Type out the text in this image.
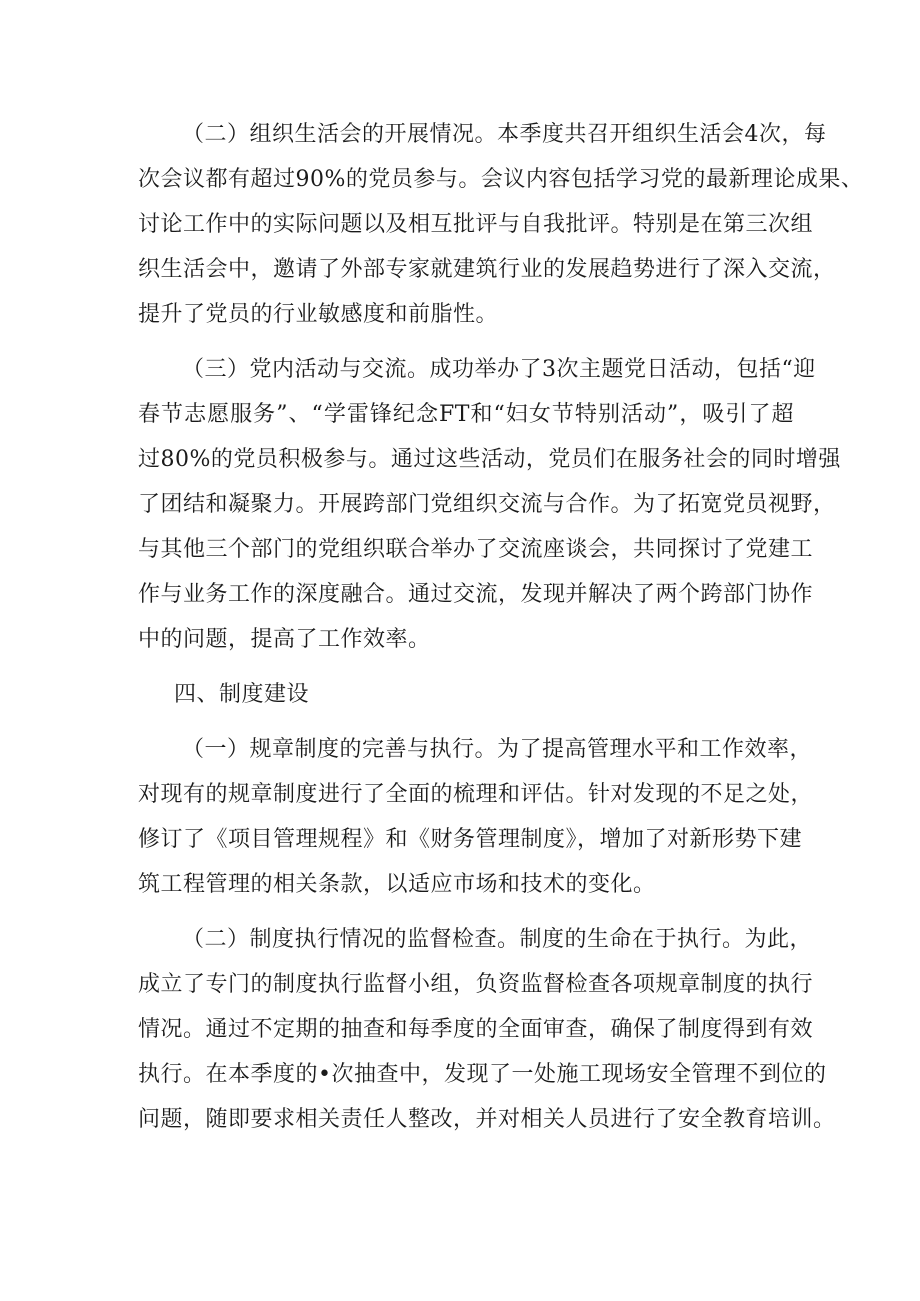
（二）组织生活会的开展情况。本季度共召开组织生活会4次，每
次会议都有超过90%的党员参与。会议内容包括学习党的最新理论成果、
讨论工作中的实际问题以及相互批评与自我批评。特别是在第三次组
织生活会中，邀请了外部专家就建筑行业的发展趋势进行了深入交流，
提升了党员的行业敏感度和前脂性。

（三）党内活动与交流。成功举办了3次主题党日活动，包括“迎
春节志愿服务”、“学雷锋纪念FT和“妇女节特别活动”，吸引了超
过80%的党员积极参与。通过这些活动，党员们在服务社会的同时增强
了团结和凝聚力。开展跨部门党组织交流与合作。为了拓宽党员视野，
与其他三个部门的党组织联合举办了交流座谈会，共同探讨了党建工
作与业务工作的深度融合。通过交流，发现并解决了两个跨部门协作
中的问题，提高了工作效率。

四、制度建设

（一）规章制度的完善与执行。为了提高管理水平和工作效率，
对现有的规章制度进行了全面的梳理和评估。针对发现的不足之处，
修订了《项目管理规程》和《财务管理制度》，增加了对新形势下建
筑工程管理的相关条款，以适应市场和技术的变化。

（二）制度执行情况的监督检查。制度的生命在于执行。为此，
成立了专门的制度执行监督小组，负资监督检查各项规章制度的执行
情况。通过不定期的抽查和每季度的全面审查，确保了制度得到有效
执行。在本季度的•次抽查中，发现了一处施工现场安全管理不到位的
问题，随即要求相关责任人整改，并对相关人员进行了安全教育培训。
